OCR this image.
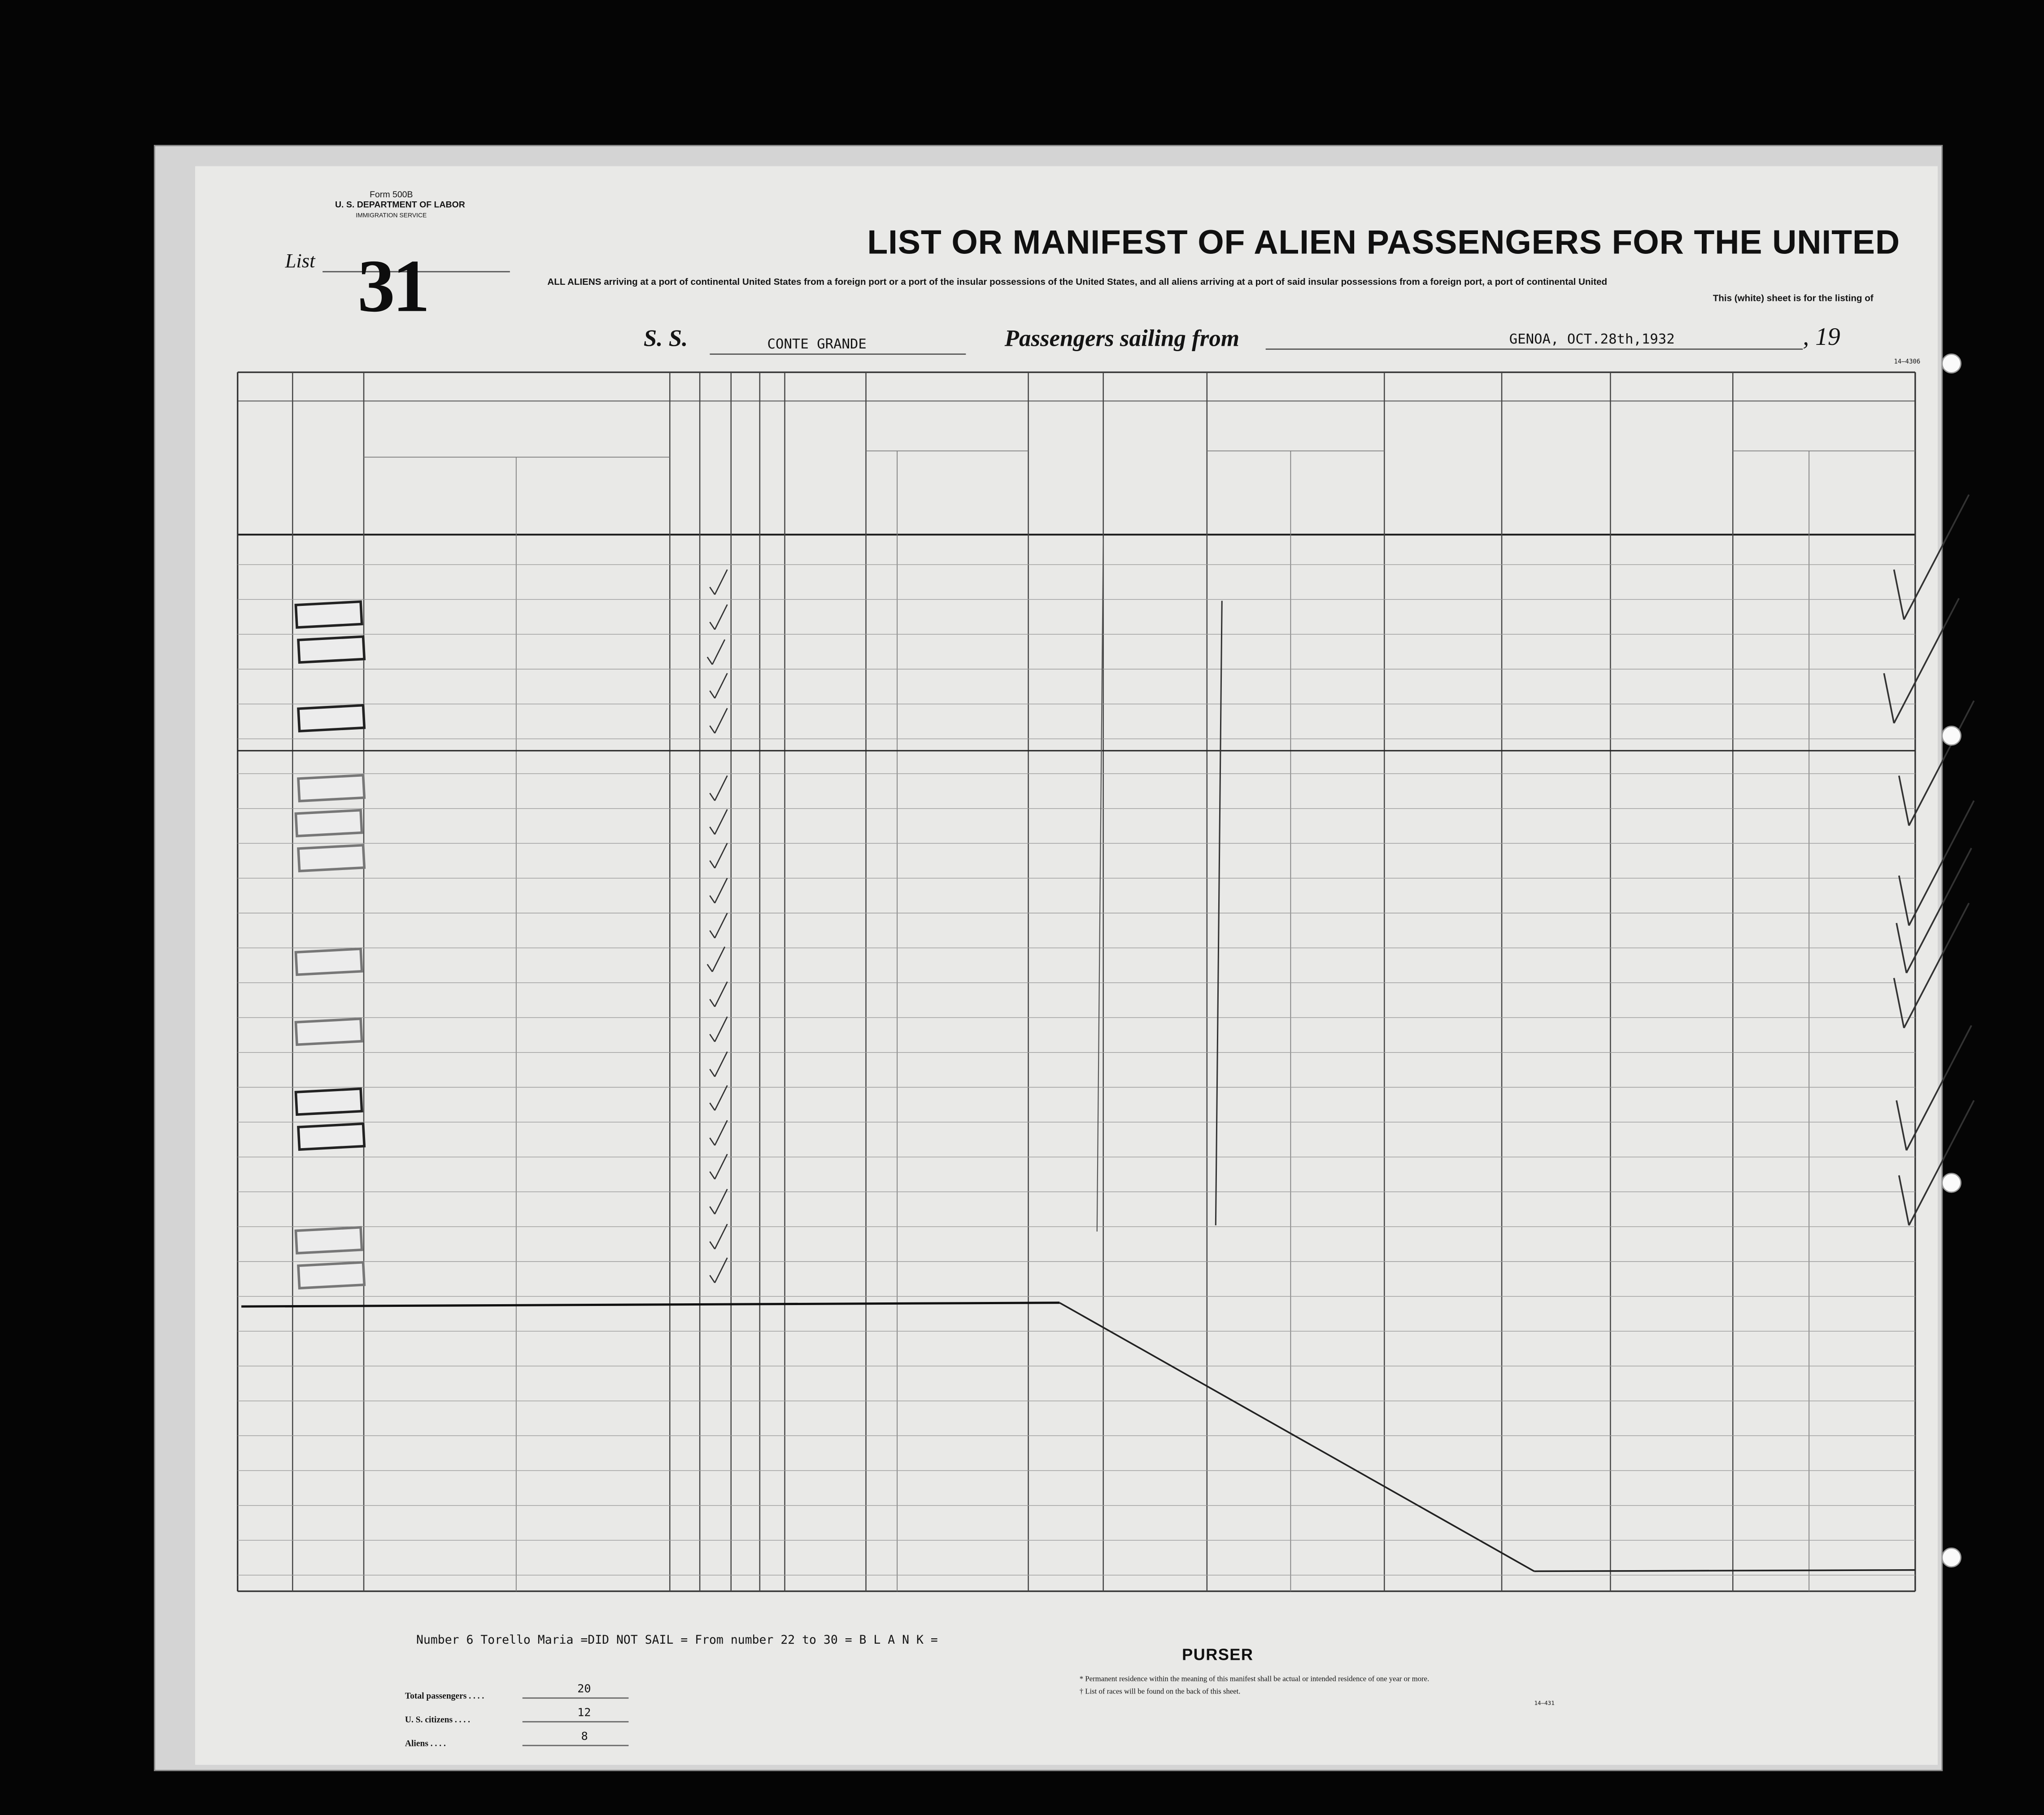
Form 500B
U. S. DEPARTMENT OF LABOR
IMMIGRATION SERVICE
List 31
LIST OR MANIFEST OF ALIEN PASSENGERS FOR THE UNITED
ALL ALIENS arriving at a port of continental United States from a foreign port or a port of the insular possessions of the United States, and all aliens arriving at a port of said insular possessions from a foreign port, a port of continental United
This (white) sheet is for the listing of
S. S.	CONTE GRANDE	Passengers sailing from	GENOA, OCT.28th,1932	, 19
14—4306
Number 6 Torello Maria =DID NOT SAIL = From number 22 to 30 = B L A N K =
PURSER
Total passengers . . . .
20
U. S. citizens . . . .
12
Aliens . . . .	8
* Permanent residence within the meaning of this manifest shall be actual or intended residence of one year or more.
† List of races will be found on the back of this sheet.
14—431
